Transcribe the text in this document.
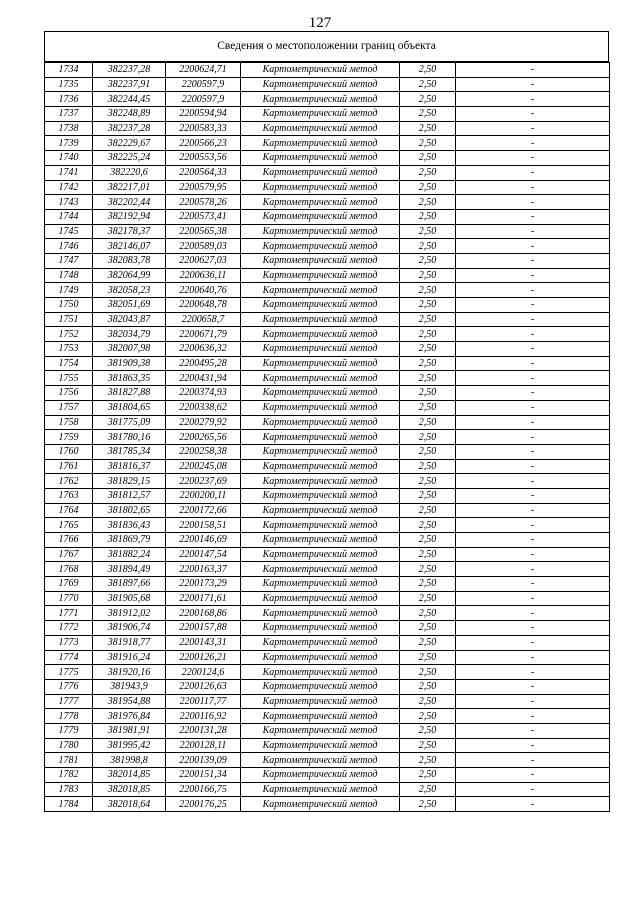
127
Сведения о местоположении границ объекта
1734	382237,28	2200624,71	Картометрический метод	2,50	-
1735	382237,91	2200597,9	Картометрический метод	2,50	-
1736	382244,45	2200597,9	Картометрический метод	2,50	-
1737	382248,89	2200594,94	Картометрический метод	2,50	-
1738	382237,28	2200583,33	Картометрический метод	2,50	-
1739	382229,67	2200566,23	Картометрический метод	2,50	-
1740	382225,24	2200553,56	Картометрический метод	2,50	-
1741	382220,6	2200564,33	Картометрический метод	2,50	-
1742	382217,01	2200579,95	Картометрический метод	2,50	-
1743	382202,44	2200578,26	Картометрический метод	2,50	-
1744	382192,94	2200573,41	Картометрический метод	2,50	-
1745	382178,37	2200565,38	Картометрический метод	2,50	-
1746	382146,07	2200589,03	Картометрический метод	2,50	-
1747	382083,78	2200627,03	Картометрический метод	2,50	-
1748	382064,99	2200636,11	Картометрический метод	2,50	-
1749	382058,23	2200640,76	Картометрический метод	2,50	-
1750	382051,69	2200648,78	Картометрический метод	2,50	-
1751	382043,87	2200658,7	Картометрический метод	2,50	-
1752	382034,79	2200671,79	Картометрический метод	2,50	-
1753	382007,98	2200636,32	Картометрический метод	2,50	-
1754	381909,38	2200495,28	Картометрический метод	2,50	-
1755	381863,35	2200431,94	Картометрический метод	2,50	-
1756	381827,88	2200374,93	Картометрический метод	2,50	-
1757	381804,65	2200338,62	Картометрический метод	2,50	-
1758	381775,09	2200279,92	Картометрический метод	2,50	-
1759	381780,16	2200265,56	Картометрический метод	2,50	-
1760	381785,34	2200258,38	Картометрический метод	2,50	-
1761	381816,37	2200245,08	Картометрический метод	2,50	-
1762	381829,15	2200237,69	Картометрический метод	2,50	-
1763	381812,57	2200200,11	Картометрический метод	2,50	-
1764	381802,65	2200172,66	Картометрический метод	2,50	-
1765	381836,43	2200158,51	Картометрический метод	2,50	-
1766	381869,79	2200146,69	Картометрический метод	2,50	-
1767	381882,24	2200147,54	Картометрический метод	2,50	-
1768	381894,49	2200163,37	Картометрический метод	2,50	-
1769	381897,66	2200173,29	Картометрический метод	2,50	-
1770	381905,68	2200171,61	Картометрический метод	2,50	-
1771	381912,02	2200168,86	Картометрический метод	2,50	-
1772	381906,74	2200157,88	Картометрический метод	2,50	-
1773	381918,77	2200143,31	Картометрический метод	2,50	-
1774	381916,24	2200126,21	Картометрический метод	2,50	-
1775	381920,16	2200124,6	Картометрический метод	2,50	-
1776	381943,9	2200126,63	Картометрический метод	2,50	-
1777	381954,88	2200117,77	Картометрический метод	2,50	-
1778	381976,84	2200116,92	Картометрический метод	2,50	-
1779	381981,91	2200131,28	Картометрический метод	2,50	-
1780	381995,42	2200128,11	Картометрический метод	2,50	-
1781	381998,8	2200139,09	Картометрический метод	2,50	-
1782	382014,85	2200151,34	Картометрический метод	2,50	-
1783	382018,85	2200166,75	Картометрический метод	2,50	-
1784	382018,64	2200176,25	Картометрический метод	2,50	-
